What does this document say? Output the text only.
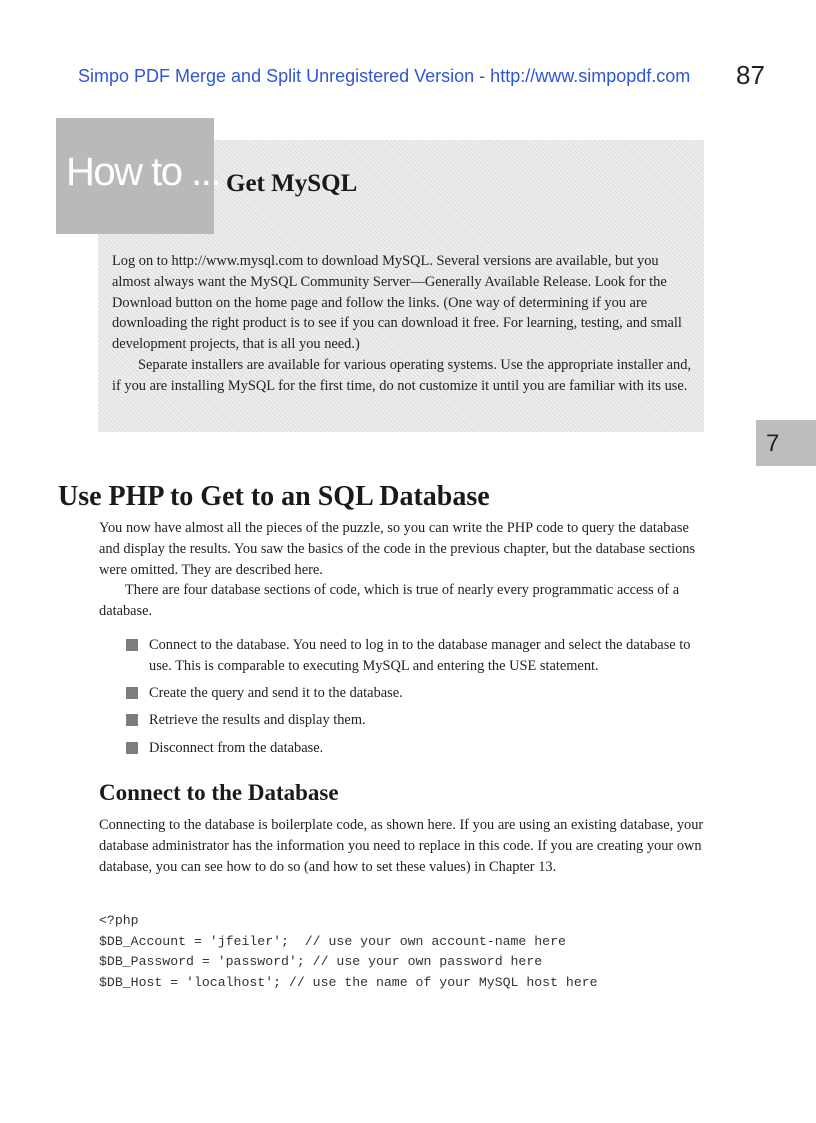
Simpo PDF Merge and Split Unregistered Version - http://www.simpopdf.com 87
How to ... Get MySQL

Log on to http://www.mysql.com to download MySQL. Several versions are available, but you almost always want the MySQL Community Server—Generally Available Release. Look for the Download button on the home page and follow the links. (One way of determining if you are downloading the right product is to see if you can download it free. For learning, testing, and small development projects, that is all you need.)

Separate installers are available for various operating systems. Use the appropriate installer and, if you are installing MySQL for the first time, do not customize it until you are familiar with its use.

7
Use PHP to Get to an SQL Database

You now have almost all the pieces of the puzzle, so you can write the PHP code to query the database and display the results. You saw the basics of the code in the previous chapter, but the database sections were omitted. They are described here.

There are four database sections of code, which is true of nearly every programmatic access of a database.

Connect to the database. You need to log in to the database manager and select the database to use. This is comparable to executing MySQL and entering the USE statement.
Create the query and send it to the database.
Retrieve the results and display them.
Disconnect from the database.
Connect to the Database

Connecting to the database is boilerplate code, as shown here. If you are using an existing database, your database administrator has the information you need to replace in this code. If you are creating your own database, you can see how to do so (and how to set these values) in Chapter 13.

<?php
$DB_Account = 'jfeiler';  // use your own account-name here
$DB_Password = 'password'; // use your own password here
$DB_Host = 'localhost'; // use the name of your MySQL host here
